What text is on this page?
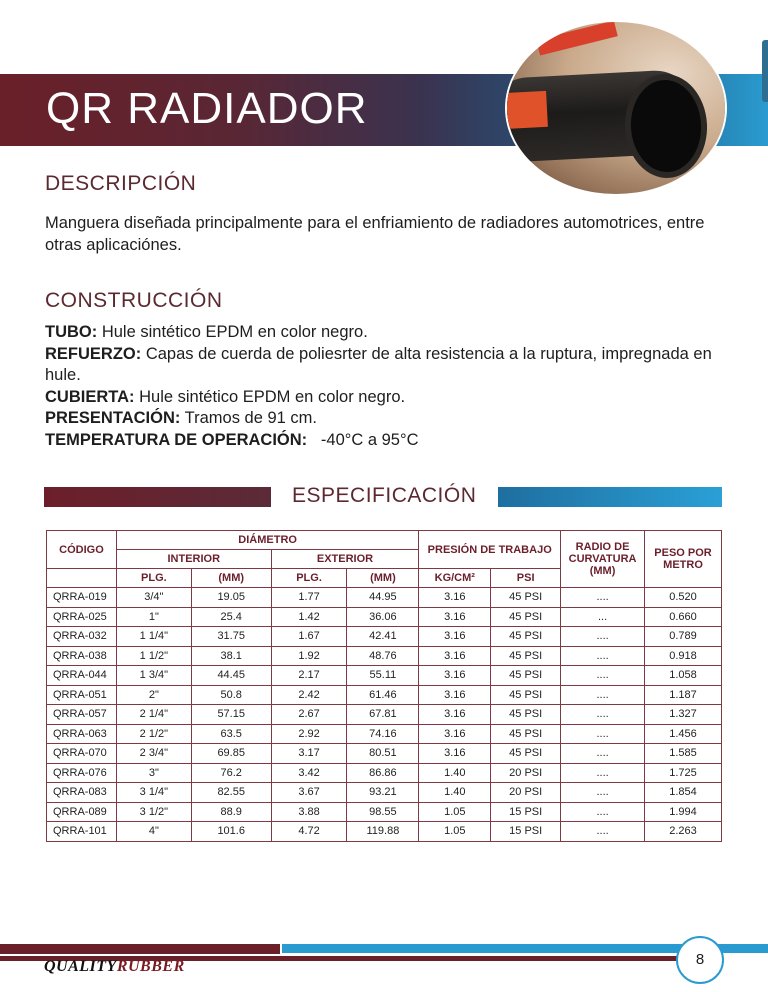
QR RADIADOR
DESCRIPCIÓN
Manguera diseñada principalmente para el enfriamiento de radiadores automotrices, entre otras aplicaciónes.
CONSTRUCCIÓN
TUBO: Hule sintético EPDM en color negro.
REFUERZO: Capas de cuerda de poliesrter de alta resistencia a la ruptura, impregnada en hule.
CUBIERTA: Hule sintético EPDM en color negro.
PRESENTACIÓN: Tramos de 91 cm.
TEMPERATURA DE OPERACIÓN:   -40°C a 95°C
ESPECIFICACIÓN
CÓDIGO	DIÁMETRO				PRESIÓN DE TRABAJO		RADIO DE CURVATURA (MM)	PESO POR METRO
	INTERIOR		EXTERIOR					
	PLG.	(MM)	PLG.	(MM)	KG/CM²	PSI		
QRRA-019	3/4"	19.05	1.77	44.95	3.16	45 PSI	....	0.520
QRRA-025	1"	25.4	1.42	36.06	3.16	45 PSI	...	0.660
QRRA-032	1 1/4"	31.75	1.67	42.41	3.16	45 PSI	....	0.789
QRRA-038	1 1/2"	38.1	1.92	48.76	3.16	45 PSI	....	0.918
QRRA-044	1 3/4"	44.45	2.17	55.11	3.16	45 PSI	....	1.058
QRRA-051	2"	50.8	2.42	61.46	3.16	45 PSI	....	1.187
QRRA-057	2 1/4"	57.15	2.67	67.81	3.16	45 PSI	....	1.327
QRRA-063	2 1/2"	63.5	2.92	74.16	3.16	45 PSI	....	1.456
QRRA-070	2 3/4"	69.85	3.17	80.51	3.16	45 PSI	....	1.585
QRRA-076	3"	76.2	3.42	86.86	1.40	20 PSI	....	1.725
QRRA-083	3 1/4"	82.55	3.67	93.21	1.40	20 PSI	....	1.854
QRRA-089	3 1/2"	88.9	3.88	98.55	1.05	15 PSI	....	1.994
QRRA-101	4"	101.6	4.72	119.88	1.05	15 PSI	....	2.263
8
QUALITYRUBBER
